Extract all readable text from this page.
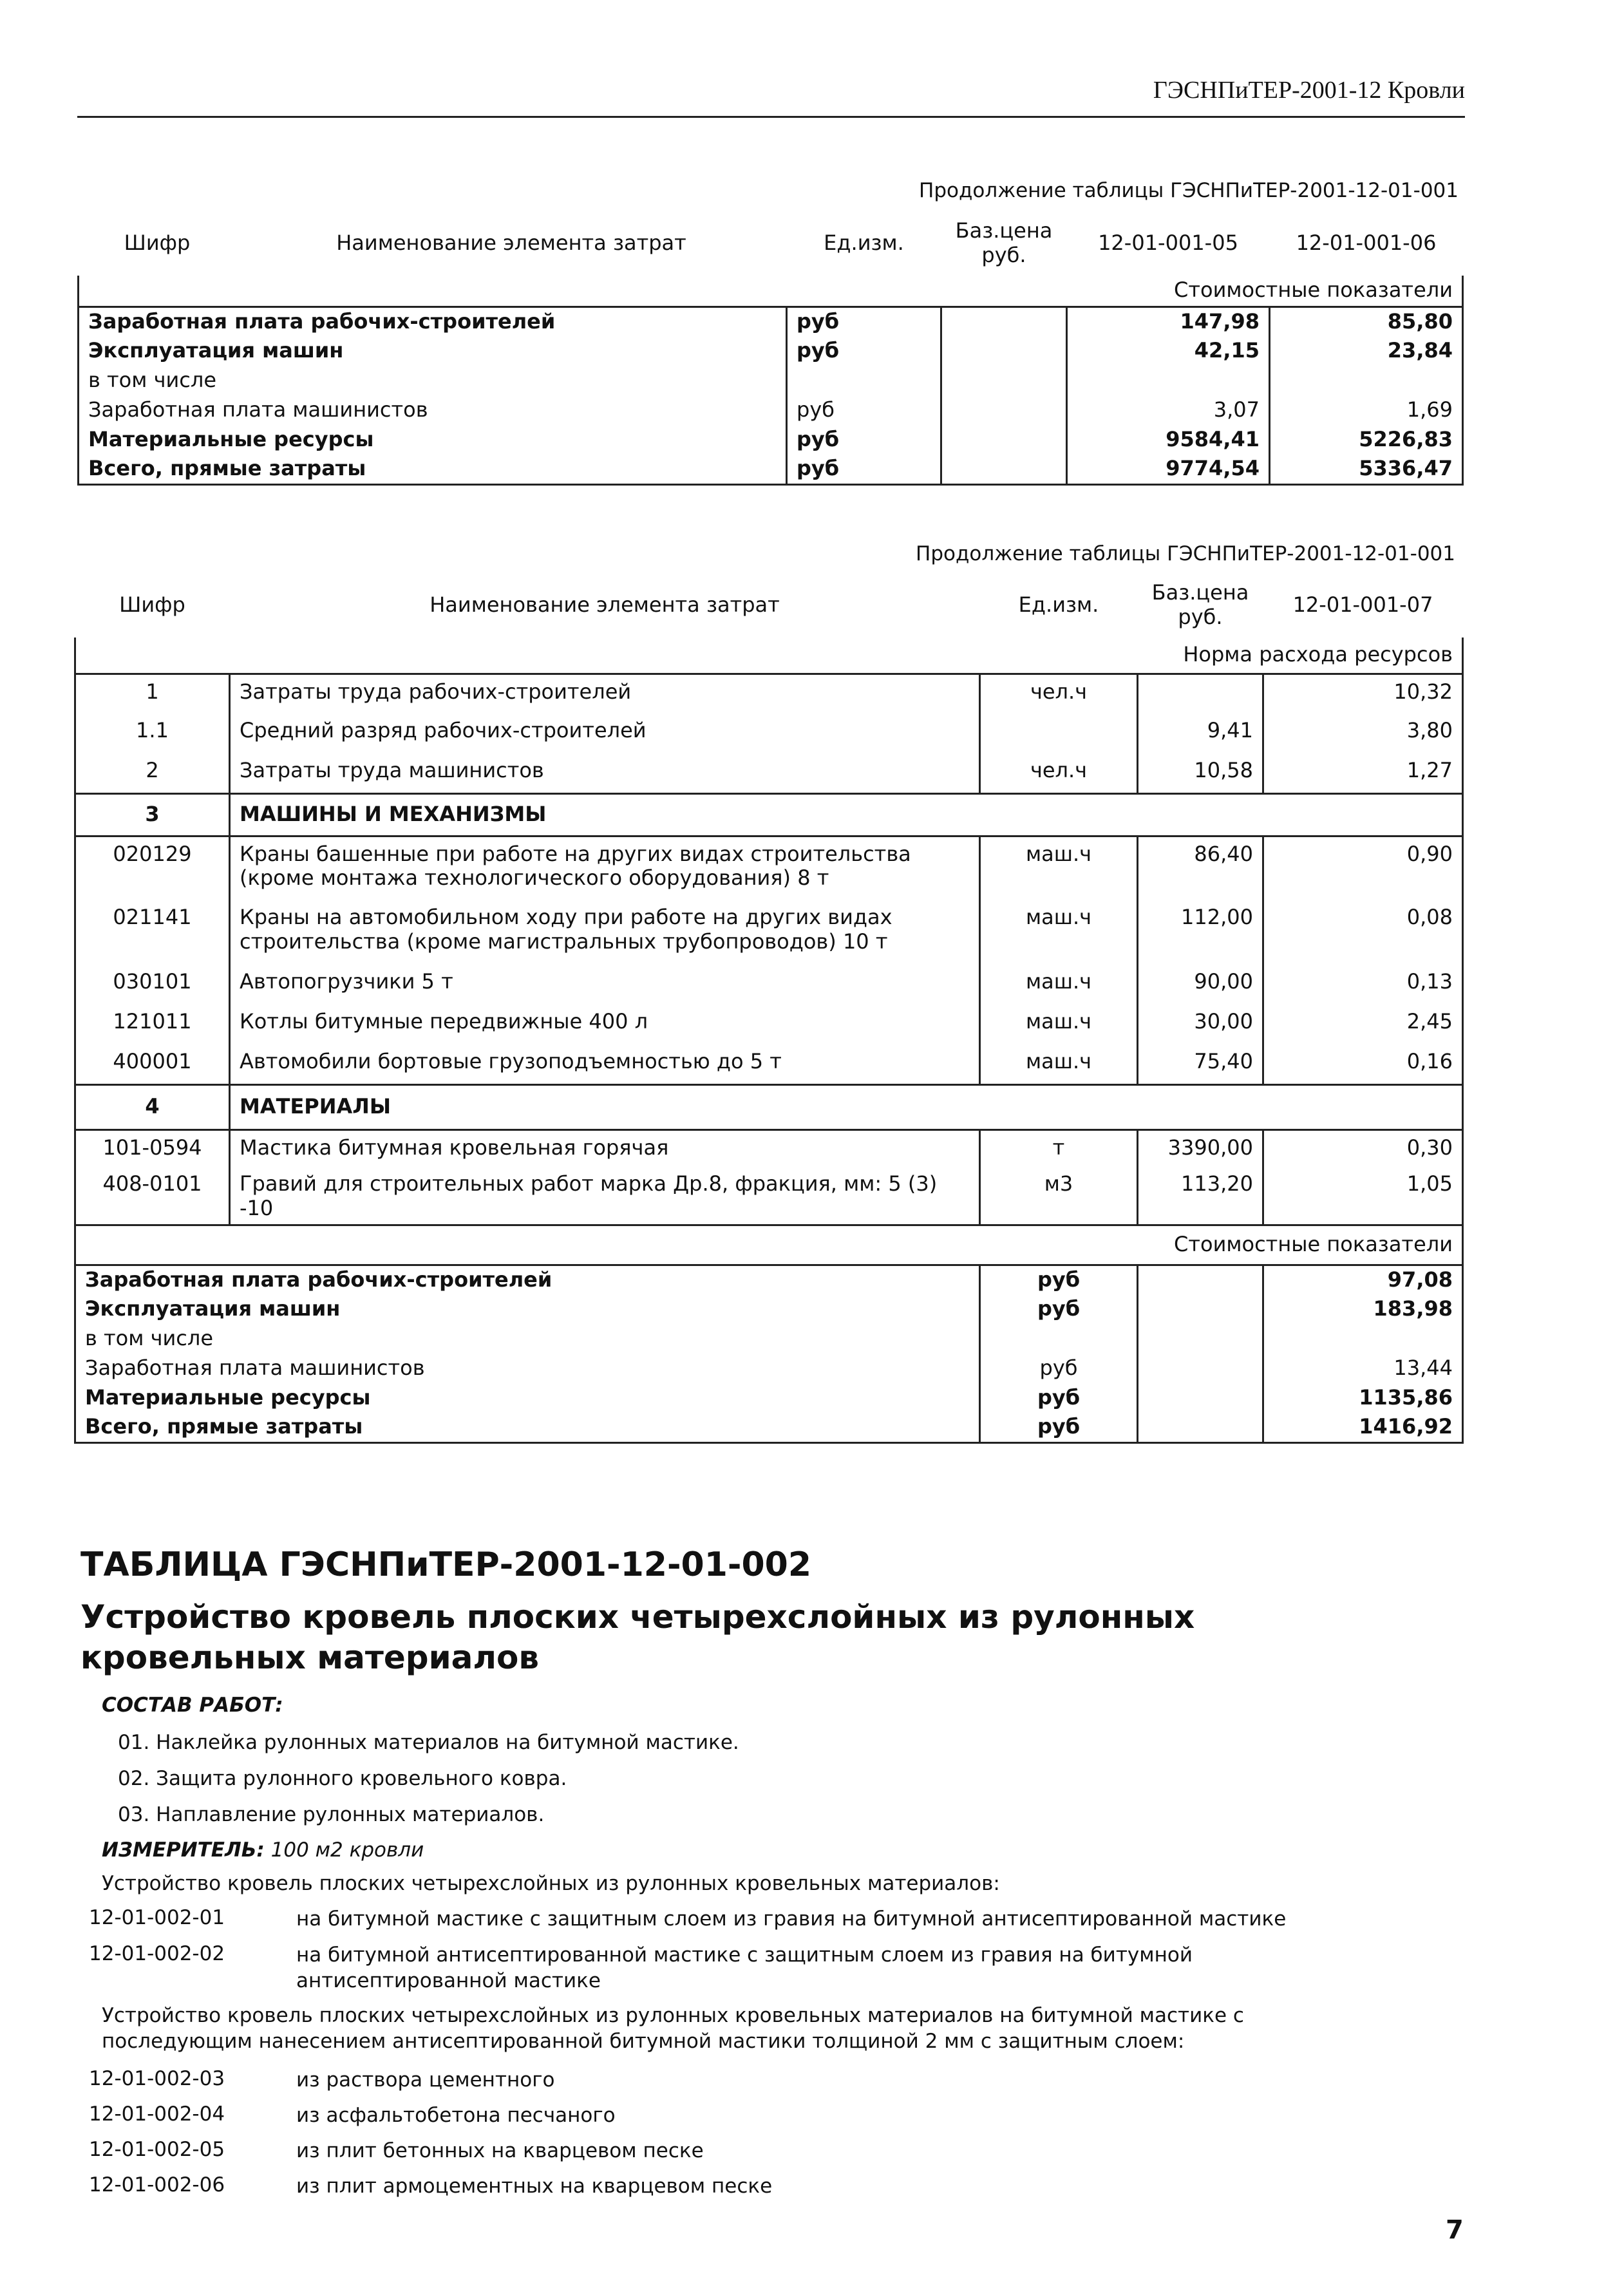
ГЭСНПиТЕР-2001-12 Кровли
Продолжение таблицы ГЭСНПиТЕР-2001-12-01-001
Шифр	Наименование элемента затрат	Ед.изм.	Баз.цена руб.	12-01-001-05	12-01-001-06
				Стоимостные показатели	
Заработная плата рабочих-строителей		руб		147,98	85,80
Эксплуатация машин		руб		42,15	23,84
в том числе					
Заработная плата машинистов		руб		3,07	1,69
Материальные ресурсы		руб		9584,41	5226,83
Всего, прямые затраты		руб		9774,54	5336,47
Продолжение таблицы ГЭСНПиТЕР-2001-12-01-001
Шифр	Наименование элемента затрат	Ед.изм.	Баз.цена руб.	12-01-001-07
			Норма расхода ресурсов	
1	Затраты труда рабочих-строителей	чел.ч		10,32
1.1	Средний разряд рабочих-строителей		9,41	3,80
2	Затраты труда машинистов	чел.ч	10,58	1,27
3	МАШИНЫ И МЕХАНИЗМЫ			
020129	Краны башенные при работе на других видах строительства (кроме монтажа технологического оборудования) 8 т	маш.ч	86,40	0,90
021141	Краны на автомобильном ходу при работе на других видах строительства (кроме магистральных трубопроводов) 10 т	маш.ч	112,00	0,08
030101	Автопогрузчики 5 т	маш.ч	90,00	0,13
121011	Котлы битумные передвижные 400 л	маш.ч	30,00	2,45
400001	Автомобили бортовые грузоподъемностью до 5 т	маш.ч	75,40	0,16
4	МАТЕРИАЛЫ			
101-0594	Мастика битумная кровельная горячая	т	3390,00	0,30
408-0101	Гравий для строительных работ марка Др.8, фракция, мм: 5 (3) -10	м3	113,20	1,05
			Стоимостные показатели	
Заработная плата рабочих-строителей		руб		97,08
Эксплуатация машин		руб		183,98
в том числе				
Заработная плата машинистов		руб		13,44
Материальные ресурсы		руб		1135,86
Всего, прямые затраты		руб		1416,92
ТАБЛИЦА ГЭСНПиТЕР-2001-12-01-002
Устройство кровель плоских четырехслойных из рулонных кровельных материалов
СОСТАВ РАБОТ:
01. Наклейка рулонных материалов на битумной мастике.
02. Защита рулонного кровельного ковра.
03. Наплавление рулонных материалов.
ИЗМЕРИТЕЛЬ: 100 м2 кровли
Устройство кровель плоских четырехслойных из рулонных кровельных материалов:
12-01-002-01	на битумной мастике с защитным слоем из гравия на битумной антисептированной мастике
12-01-002-02	на битумной антисептированной мастике с защитным слоем из гравия на битумной антисептированной мастике
Устройство кровель плоских четырехслойных из рулонных кровельных материалов на битумной мастике с последующим нанесением антисептированной битумной мастики толщиной 2 мм с защитным слоем:
12-01-002-03	из раствора цементного
12-01-002-04	из асфальтобетона песчаного
12-01-002-05	из плит бетонных на кварцевом песке
12-01-002-06	из плит армоцементных на кварцевом песке
7
